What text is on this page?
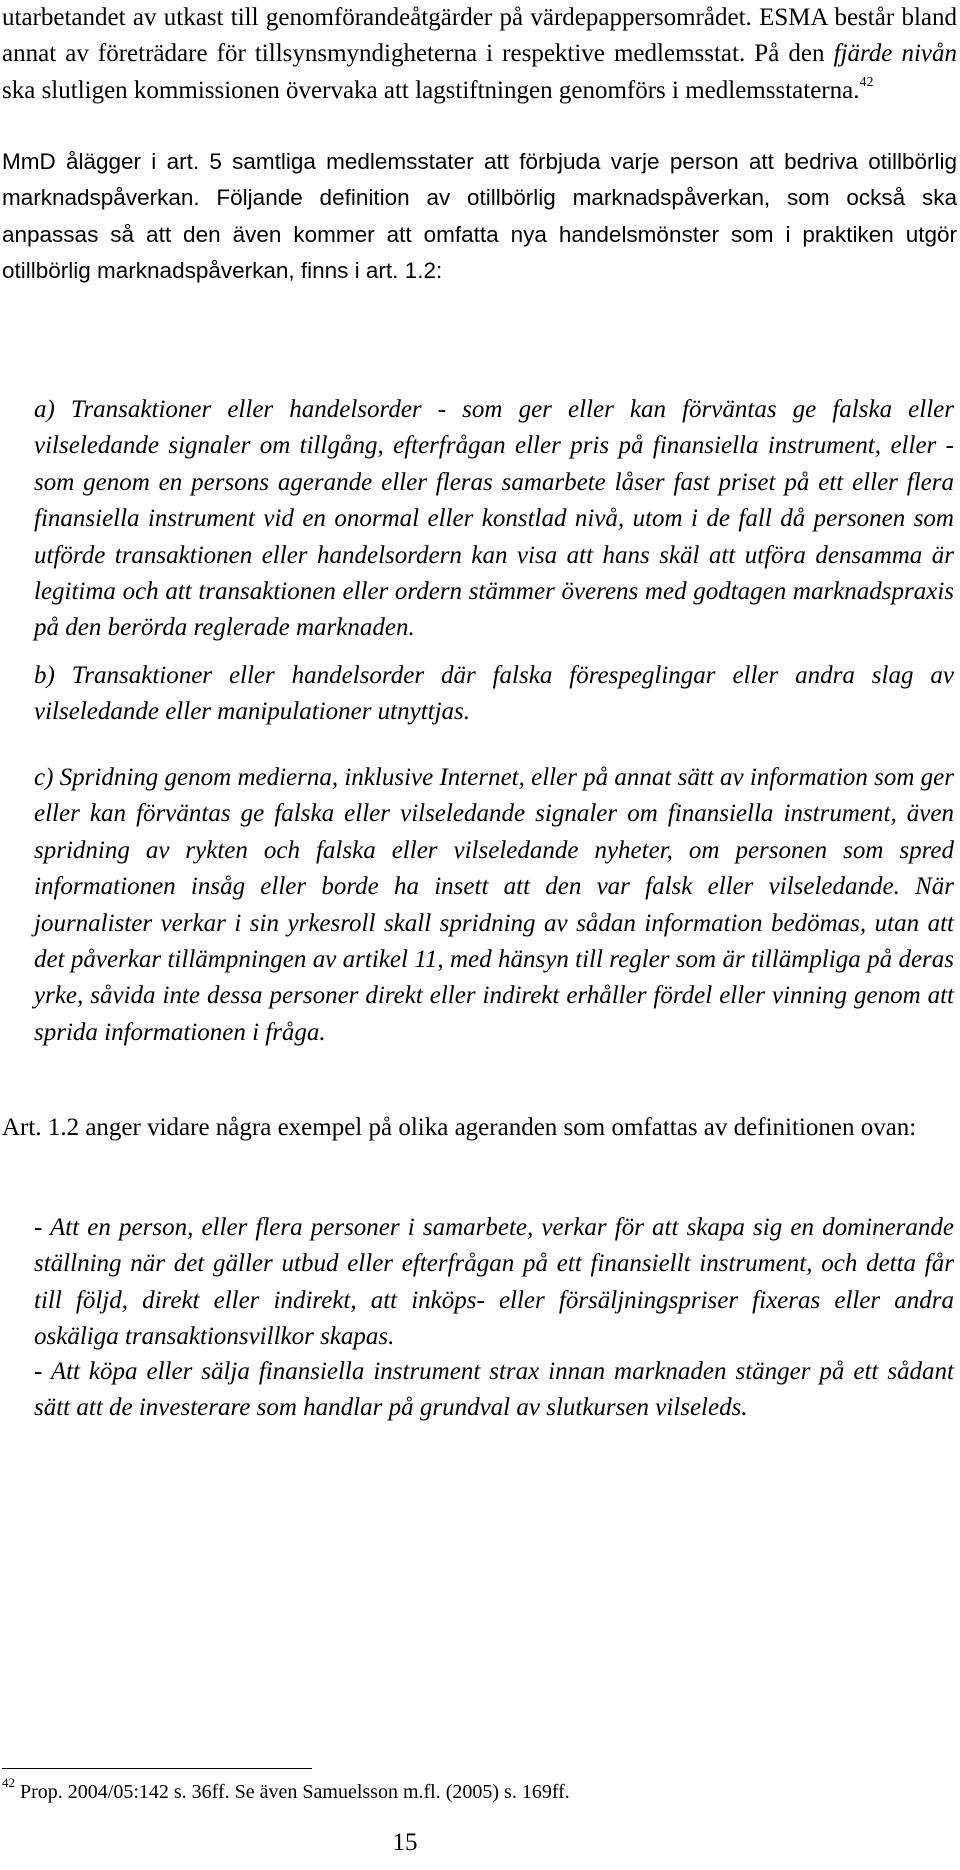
utarbetandet av utkast till genomförandeåtgärder på värdepappersområdet. ESMA består bland annat av företrädare för tillsynsmyndigheterna i respektive medlemsstat. På den fjärde nivån ska slutligen kommissionen övervaka att lagstiftningen genomförs i medlemsstaterna.$^{42}$

MmD ålägger i art. 5 samtliga medlemsstater att förbjuda varje person att bedriva otillbörlig marknadspåverkan. Följande definition av otillbörlig marknadspåverkan, som också ska anpassas så att den även kommer att omfatta nya handelsmönster som i praktiken utgör otillbörlig marknadspåverkan, finns i art. 1.2:

a) Transaktioner eller handelsorder - som ger eller kan förväntas ge falska eller vilseledande signaler om tillgång, efterfrågan eller pris på finansiella instrument, eller - som genom en persons agerande eller fleras samarbete låser fast priset på ett eller flera finansiella instrument vid en onormal eller konstlad nivå, utom i de fall då personen som utförde transaktionen eller handelsordern kan visa att hans skäl att utföra densamma är legitima och att transaktionen eller ordern stämmer överens med godtagen marknadspraxis på den berörda reglerade marknaden.

b) Transaktioner eller handelsorder där falska förespeglingar eller andra slag av vilseledande eller manipulationer utnyttjas.

c) Spridning genom medierna, inklusive Internet, eller på annat sätt av information som ger eller kan förväntas ge falska eller vilseledande signaler om finansiella instrument, även spridning av rykten och falska eller vilseledande nyheter, om personen som spred informationen insåg eller borde ha insett att den var falsk eller vilseledande. När journalister verkar i sin yrkesroll skall spridning av sådan information bedömas, utan att det påverkar tillämpningen av artikel 11, med hänsyn till regler som är tillämpliga på deras yrke, såvida inte dessa personer direkt eller indirekt erhåller fördel eller vinning genom att sprida informationen i fråga.

Art. 1.2 anger vidare några exempel på olika ageranden som omfattas av definitionen ovan:

- Att en person, eller flera personer i samarbete, verkar för att skapa sig en dominerande ställning när det gäller utbud eller efterfrågan på ett finansiellt instrument, och detta får till följd, direkt eller indirekt, att inköps- eller försäljningspriser fixeras eller andra oskäliga transaktionsvillkor skapas.

- Att köpa eller sälja finansiella instrument strax innan marknaden stänger på ett sådant sätt att de investerare som handlar på grundval av slutkursen vilseleds.

$^{42}$ Prop. 2004/05:142 s. 36ff. Se även Samuelsson m.fl. (2005) s. 169ff.
15
